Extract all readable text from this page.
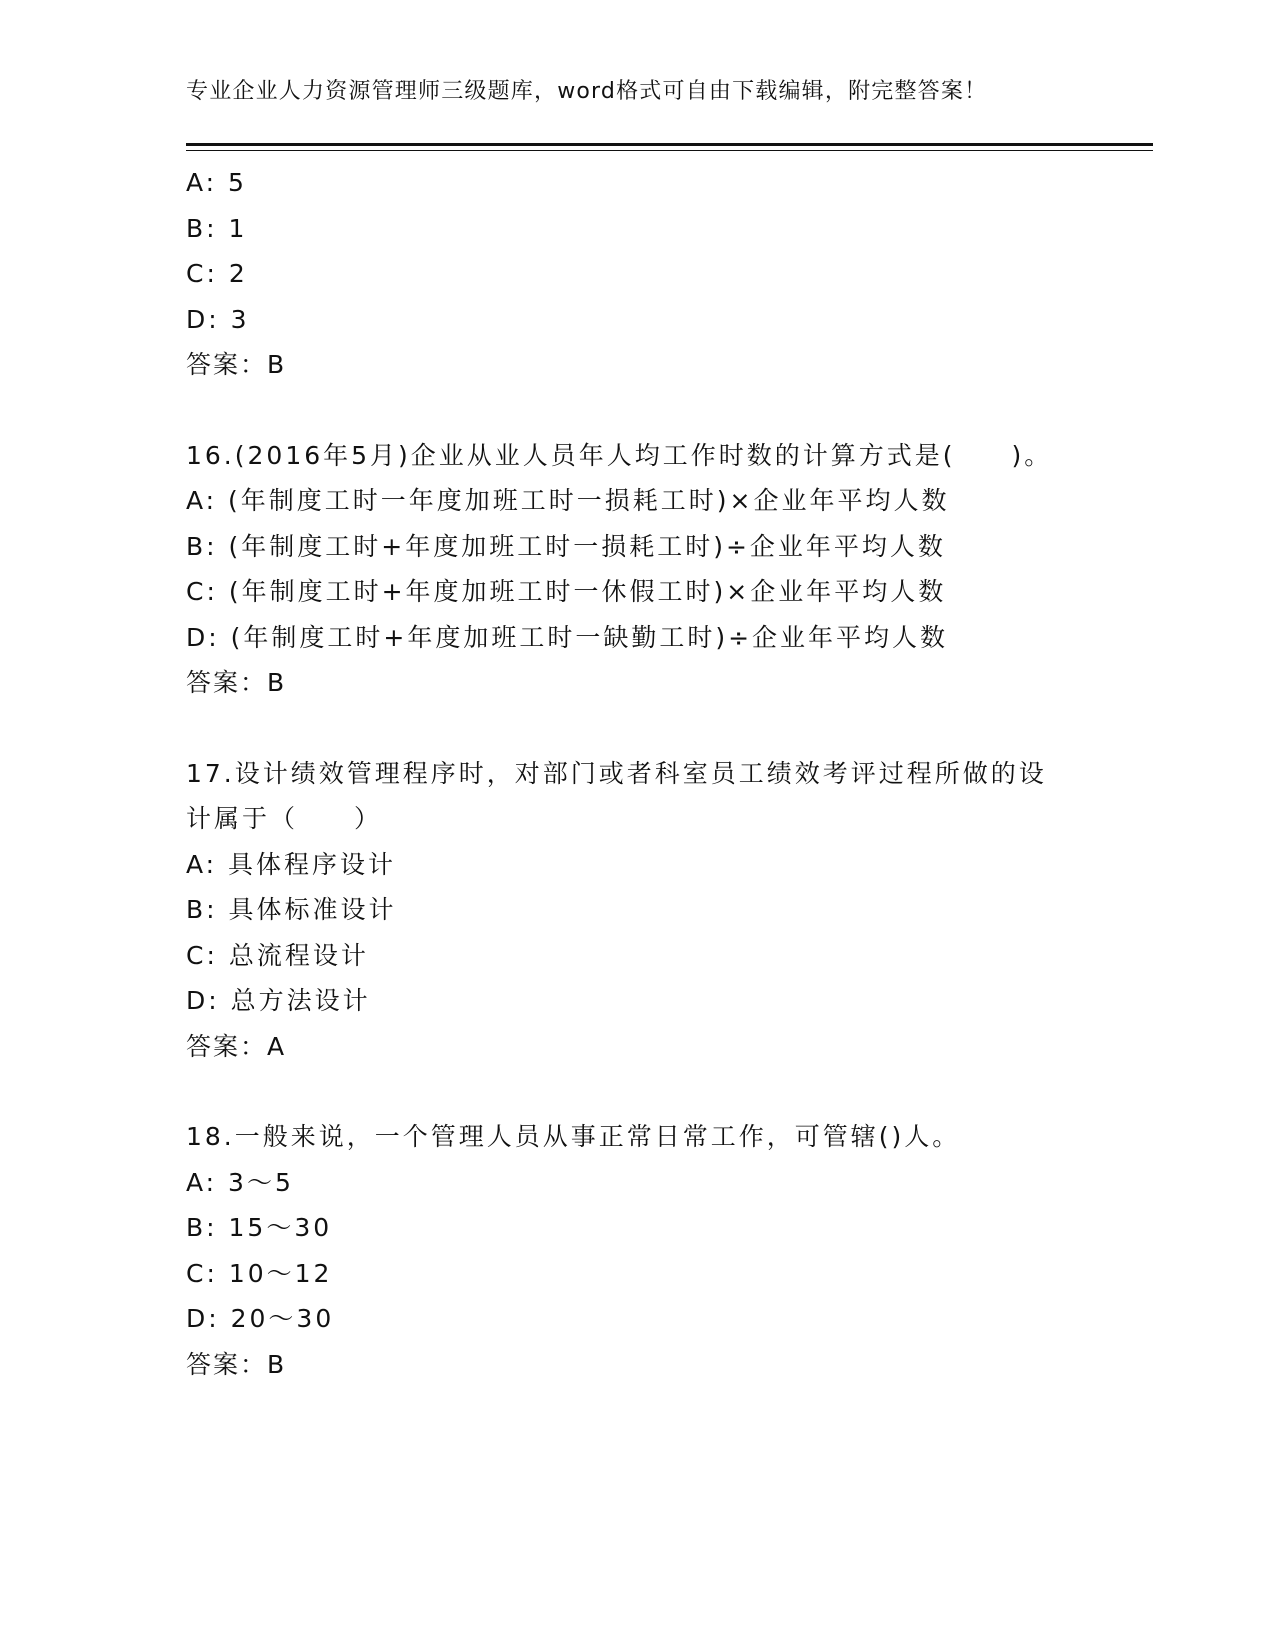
专业企业人力资源管理师三级题库，word格式可自由下载编辑，附完整答案！
A: 5
B: 1
C: 2
D: 3
答案：B
16.(2016年5月)企业从业人员年人均工作时数的计算方式是(　　)。
A: (年制度工时一年度加班工时一损耗工时)×企业年平均人数
B: (年制度工时+年度加班工时一损耗工时)÷企业年平均人数
C: (年制度工时+年度加班工时一休假工时)×企业年平均人数
D: (年制度工时+年度加班工时一缺勤工时)÷企业年平均人数
答案：B
17.设计绩效管理程序时，对部门或者科室员工绩效考评过程所做的设
计属于（　　）
A: 具体程序设计
B: 具体标准设计
C: 总流程设计
D: 总方法设计
答案：A
18.一般来说，一个管理人员从事正常日常工作，可管辖()人。
A: 3～5
B: 15～30
C: 10～12
D: 20～30
答案：B
